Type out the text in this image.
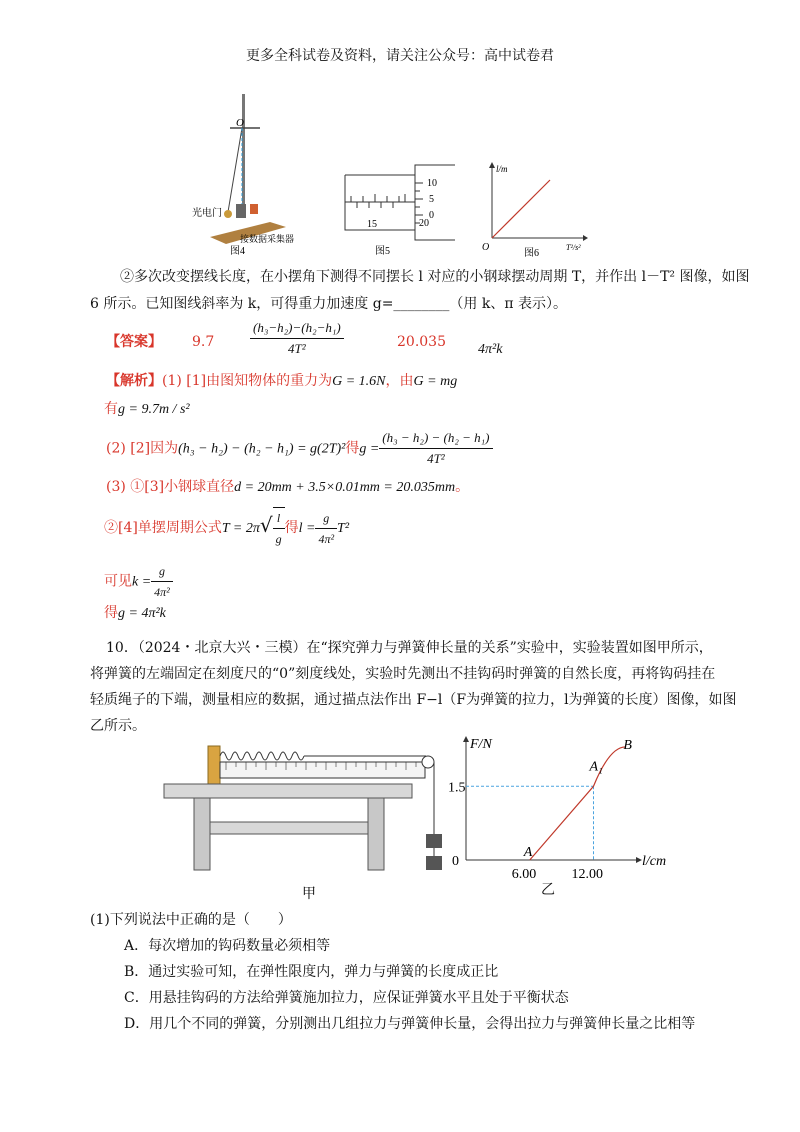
更多全科试卷及资料，请关注公众号：高中试卷君
O
光电门
接数据采集器
图4
10
5
0
20
15
图5
l/m
T²/s²
O
图6
②多次改变摆线长度，在小摆角下测得不同摆长 l 对应的小钢球摆动周期 T，并作出 l－T² 图像，如图
6 所示。已知图线斜率为 k，可得重力加速度 g=________（用 k、π 表示）。
【答案】 9.7	$\frac{\text{(h₃−h₂)−(h₂−h₁)}}{\text{4T²}}$	20.035 4π²k
【解析】(1) [1]由图知物体的重力为G = 1.6N，由G = mg
有g = 9.7m / s²
(2) [2]因为(h₃ − h₂) − (h₂ − h₁) = g(2T)²得$g = \frac{\text{(h₃ − h₂) − (h₂ − h₁)}}{\text{4T²}}$
(3) ①[3]小钢球直径d = 20mm + 3.5×0.01mm = 20.035mm。
②[4]单摆周期公式$T = 2\pi√ \frac{l}{g}$ 得$l = \frac{g}{\text{4π²}} T^2$
可见$k = \frac{g}{\text{4π²}}$
得g = 4π²k
10．（2024・北京大兴・三模）在“探究弹力与弹簧伸长量的关系”实验中，实验装置如图甲所示，
将弹簧的左端固定在刻度尺的“0”刻度线处，实验时先测出不挂钩码时弹簧的自然长度，再将钩码挂在
轻质绳子的下端，测量相应的数据，通过描点法作出 F−l（F为弹簧的拉力，l为弹簧的长度）图像，如图
乙所示。
甲
F/N
l/cm
1.5
0
6.00	12.00
A
A₁
B
乙
(1)下列说法中正确的是（　　）
A．每次增加的钩码数量必须相等
B．通过实验可知，在弹性限度内，弹力与弹簧的长度成正比
C．用悬挂钩码的方法给弹簧施加拉力，应保证弹簧水平且处于平衡状态
D．用几个不同的弹簧，分别测出几组拉力与弹簧伸长量，会得出拉力与弹簧伸长量之比相等
